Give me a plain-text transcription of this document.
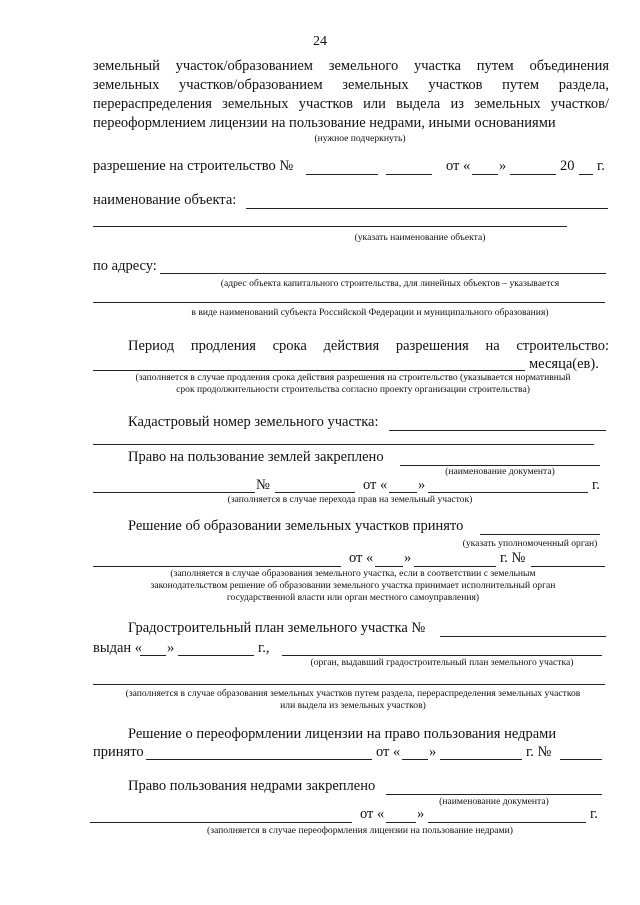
24
земельный участок/образованием земельного участка путем объединения
земельных участков/образованием земельных участков путем раздела,
перераспределения земельных участков или выдела из земельных участков/
переоформлением лицензии на пользование недрами, иными основаниями
(нужное подчеркнуть)
разрешение на строительство №	от « »	20 г.
наименование объекта:
(указать наименование объекта)
по адресу:
(адрес объекта капитального строительства, для линейных объектов – указывается
в виде наименований субъекта Российской Федерации и муниципального образования)
Период продления срока действия разрешения на строительство:
месяца(ев).
(заполняется в случае продления срока действия разрешения на строительство (указывается нормативный
срок продолжительности строительства согласно проекту организации строительства)
Кадастровый номер земельного участка:
Право на пользование землей закреплено
(наименование документа)
№	от « »	г.
(заполняется в случае перехода прав на земельный участок)
Решение об образовании земельных участков принято
(указать уполномоченный орган)
от « »	г. №
(заполняется в случае образования земельного участка, если в соответствии с земельным
законодательством решение об образовании земельного участка принимает исполнительный орган
государственной власти или орган местного самоуправления)
Градостроительный план земельного участка №
выдан « »	г.,
(орган, выдавший градостроительный план земельного участка)
(заполняется в случае образования земельных участков путем раздела, перераспределения земельных участков
или выдела из земельных участков)
Решение о переоформлении лицензии на право пользования недрами
принято	от « »	г. №
Право пользования недрами закреплено
(наименование документа)
от « »	г.
(заполняется в случае переоформления лицензии на пользование недрами)
